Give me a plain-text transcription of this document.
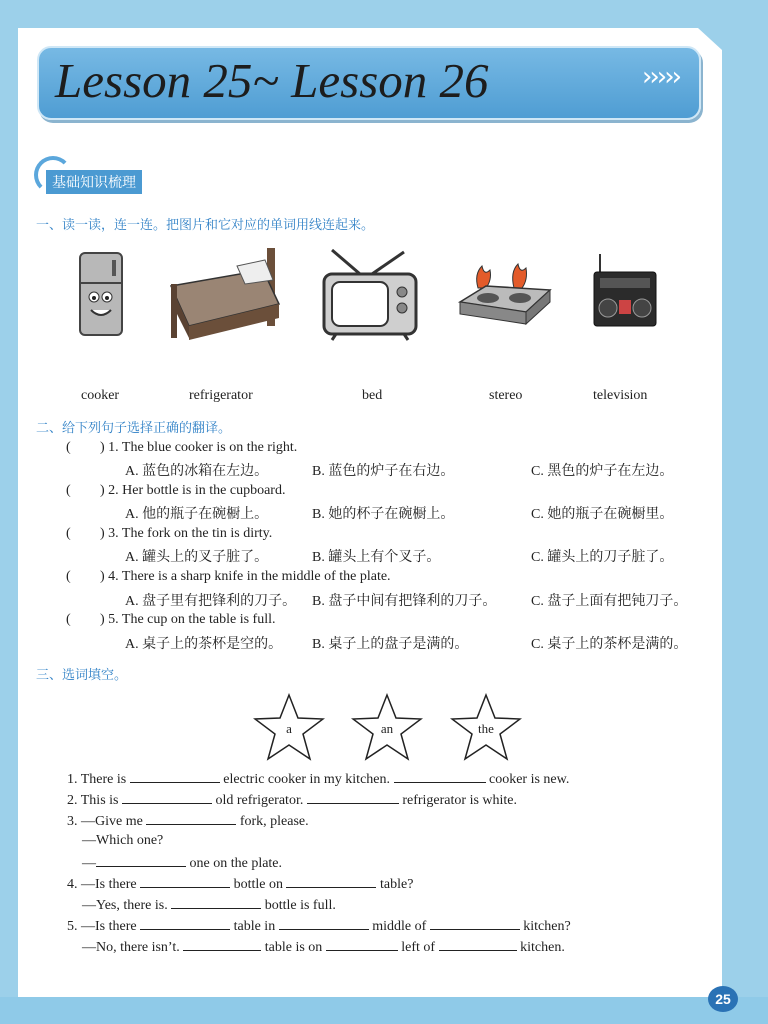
Lesson 25~ Lesson 26	›››››
基础知识梳理
一、读一读，连一连。把图片和它对应的单词用线连起来。
cooker	refrigerator	bed	stereo	television
二、给下列句子选择正确的翻译。
( ) 1. The blue cooker is on the right.
A. 蓝色的冰箱在左边。	B. 蓝色的炉子在右边。	C. 黑色的炉子在左边。
( ) 2. Her bottle is in the cupboard.
A. 他的瓶子在碗橱上。	B. 她的杯子在碗橱上。	C. 她的瓶子在碗橱里。
( ) 3. The fork on the tin is dirty.
A. 罐头上的叉子脏了。	B. 罐头上有个叉子。	C. 罐头上的刀子脏了。
( ) 4. There is a sharp knife in the middle of the plate.
A. 盘子里有把锋利的刀子。 B. 盘子中间有把锋利的刀子。 C. 盘子上面有把钝刀子。
( ) 5. The cup on the table is full.
A. 桌子上的茶杯是空的。 B. 桌子上的盘子是满的。	C. 桌子上的茶杯是满的。
三、选词填空。
a	an	the
1. There is	electric cooker in my kitchen.	cooker is new.
2. This is	old refrigerator.	refrigerator is white.
3. —Give me	fork, please.
—Which one?
—	one on the plate.
4. —Is there	bottle on	table?
—Yes, there is.	bottle is full.
5. —Is there	table in	middle of	kitchen?
—No, there isn’t.	table is on	left of	kitchen.
25
